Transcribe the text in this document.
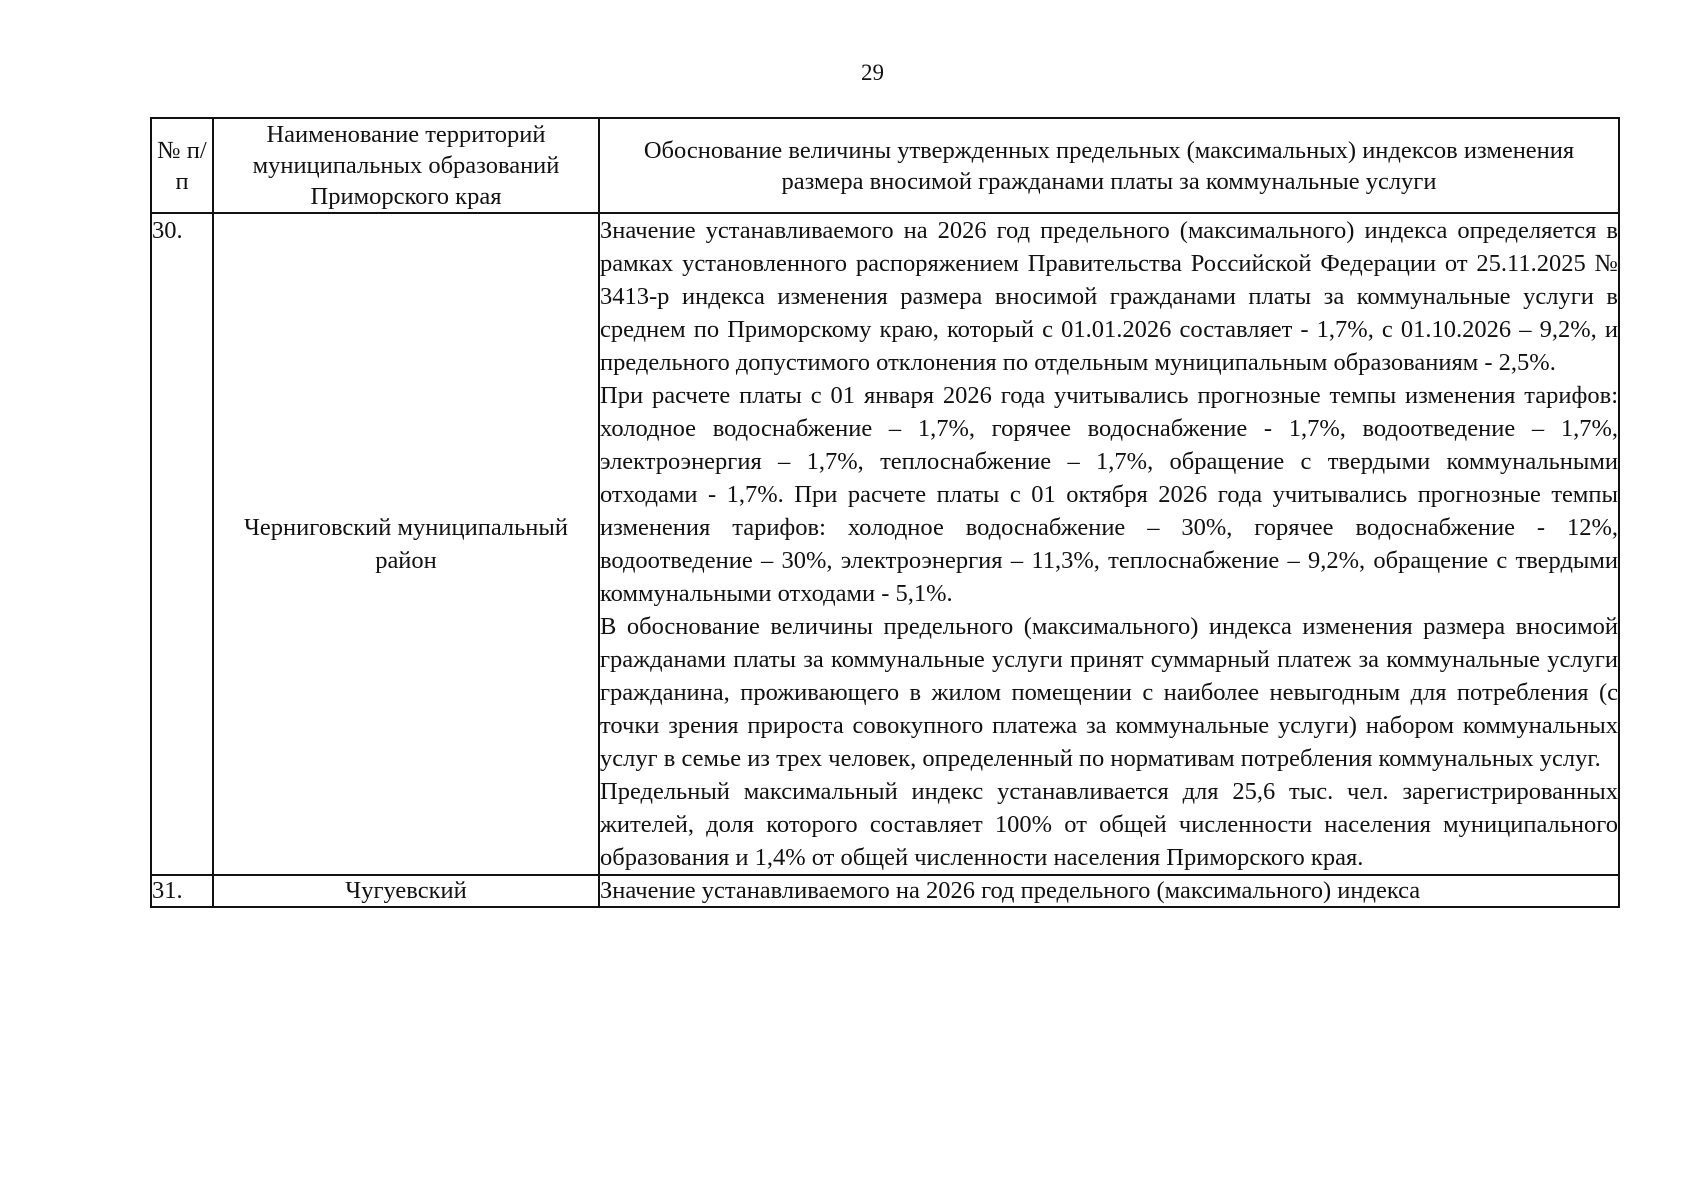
29
№ п/п	Наименование территорий муниципальных образований Приморского края	Обоснование величины утвержденных предельных (максимальных) индексов изменения размера вносимой гражданами платы за коммунальные услуги
30.	Черниговский муниципальный район	Значение устанавливаемого на 2026 год предельного (максимального) индекса определяется в рамках установленного распоряжением Правительства Российской Федерации от 25.11.2025 № 3413-р индекса изменения размера вносимой гражданами платы за коммунальные услуги в среднем по Приморскому краю, который с 01.01.2026 составляет - 1,7%, с 01.10.2026 – 9,2%, и предельного допустимого отклонения по отдельным муниципальным образованиям - 2,5%.

При расчете платы с 01 января 2026 года учитывались прогнозные темпы изменения тарифов: холодное водоснабжение – 1,7%, горячее водоснабжение - 1,7%, водоотведение – 1,7%, электроэнергия – 1,7%, теплоснабжение – 1,7%, обращение с твердыми коммунальными отходами - 1,7%. При расчете платы с 01 октября 2026 года учитывались прогнозные темпы изменения тарифов: холодное водоснабжение – 30%, горячее водоснабжение - 12%, водоотведение – 30%, электроэнергия – 11,3%, теплоснабжение – 9,2%, обращение с твердыми коммунальными отходами - 5,1%.

В обоснование величины предельного (максимального) индекса изменения размера вносимой гражданами платы за коммунальные услуги принят суммарный платеж за коммунальные услуги гражданина, проживающего в жилом помещении с наиболее невыгодным для потребления (с точки зрения прироста совокупного платежа за коммунальные услуги) набором коммунальных услуг в семье из трех человек, определенный по нормативам потребления коммунальных услуг.

Предельный максимальный индекс устанавливается для 25,6 тыс. чел. зарегистрированных жителей, доля которого составляет 100% от общей численности населения муниципального образования и 1,4% от общей численности населения Приморского края.

31.	Чугуевский	Значение устанавливаемого на 2026 год предельного (максимального) индекса
